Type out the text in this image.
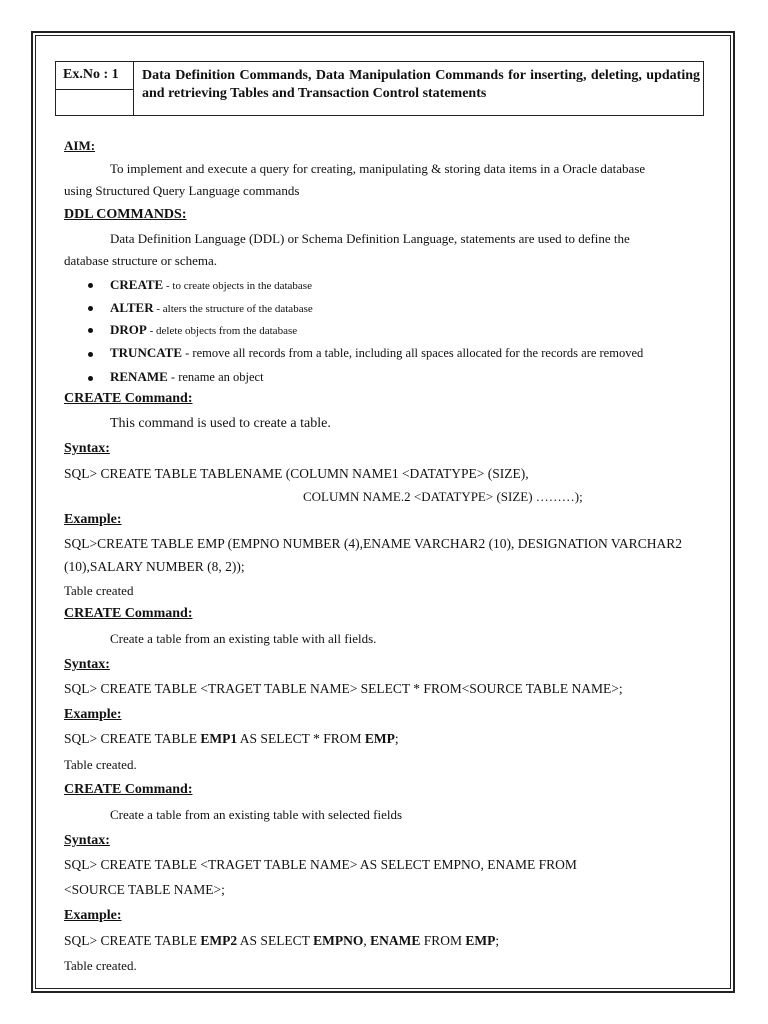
Ex.No : 1 Data Definition Commands, Data Manipulation Commands for inserting, deleting, updating and retrieving Tables and Transaction Control statements
AIM:
To implement and execute a query for creating, manipulating & storing data items in a Oracle database
using Structured Query Language commands
DDL COMMANDS:
Data Definition Language (DDL) or Schema Definition Language, statements are used to define the
database structure or schema.
CREATE - to create objects in the database
ALTER - alters the structure of the database
DROP - delete objects from the database
TRUNCATE - remove all records from a table, including all spaces allocated for the records are removed
RENAME - rename an object
CREATE Command:
This command is used to create a table.
Syntax:
SQL> CREATE TABLE TABLENAME (COLUMN NAME1 <DATATYPE> (SIZE),
COLUMN NAME.2 <DATATYPE> (SIZE) ………);
Example:
SQL>CREATE TABLE EMP (EMPNO NUMBER (4),ENAME VARCHAR2 (10), DESIGNATION VARCHAR2
(10),SALARY NUMBER (8, 2));
Table created
CREATE Command:
Create a table from an existing table with all fields.
Syntax:
SQL> CREATE TABLE <TRAGET TABLE NAME> SELECT * FROM<SOURCE TABLE NAME>;
Example:
SQL> CREATE TABLE EMP1 AS SELECT * FROM EMP;
Table created.
CREATE Command:
Create a table from an existing table with selected fields
Syntax:
SQL> CREATE TABLE <TRAGET TABLE NAME> AS SELECT EMPNO, ENAME FROM
<SOURCE TABLE NAME>;
Example:
SQL> CREATE TABLE EMP2 AS SELECT EMPNO, ENAME FROM EMP;
Table created.
